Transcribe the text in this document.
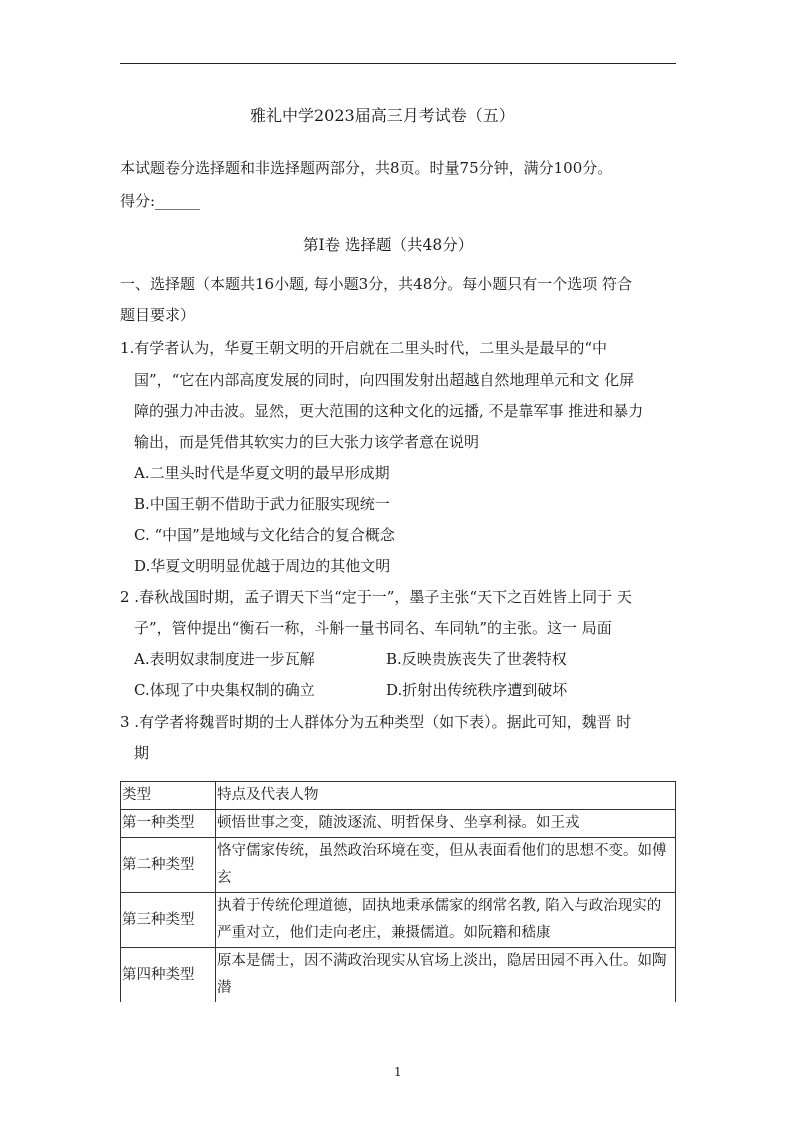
雅礼中学2023届高三月考试卷（五）
本试题卷分选择题和非选择题两部分，共8页。时量75分钟，满分100分。
得分:______
第I卷 选择题（共48分）
一、选择题（本题共16小题, 每小题3分，共48分。每小题只有一个选项 符合
题目要求）
1.有学者认为，华夏王朝文明的开启就在二里头时代，二里头是最早的“中
国”，“它在内部高度发展的同时，向四围发射出超越自然地理单元和文 化屏
障的强力冲击波。显然，更大范围的这种文化的远播, 不是靠军事 推进和暴力
输出，而是凭借其软实力的巨大张力该学者意在说明
A.二里头时代是华夏文明的最早形成期
B.中国王朝不借助于武力征服实现统一
C. “中国”是地域与文化结合的复合概念
D.华夏文明明显优越于周边的其他文明
2 .春秋战国时期，孟子谓天下当“定于一”，墨子主张“天下之百姓皆上同于 天
子”，管仲提出“衡石一称，斗斛一量书同名、车同轨”的主张。这一 局面
A.表明奴隶制度进一步瓦解	B.反映贵族丧失了世袭特权
C.体现了中央集权制的确立	D.折射出传统秩序遭到破坏
3 .有学者将魏晋时期的士人群体分为五种类型（如下表）。据此可知，魏晋 时
期
类型	特点及代表人物
第一种类型	顿悟世事之变，随波逐流、明哲保身、坐享利禄。如王戎
第二种类型	恪守儒家传统，虽然政治环境在变，但从表面看他们的思想不变。如傅玄
第三种类型	执着于传统伦理道德，固执地秉承儒家的纲常名教, 陷入与政治现实的严重对立，他们走向老庄，兼摄儒道。如阮籍和嵇康
第四种类型	原本是儒士，因不满政治现实从官场上淡出，隐居田园不再入仕。如陶潜
1
